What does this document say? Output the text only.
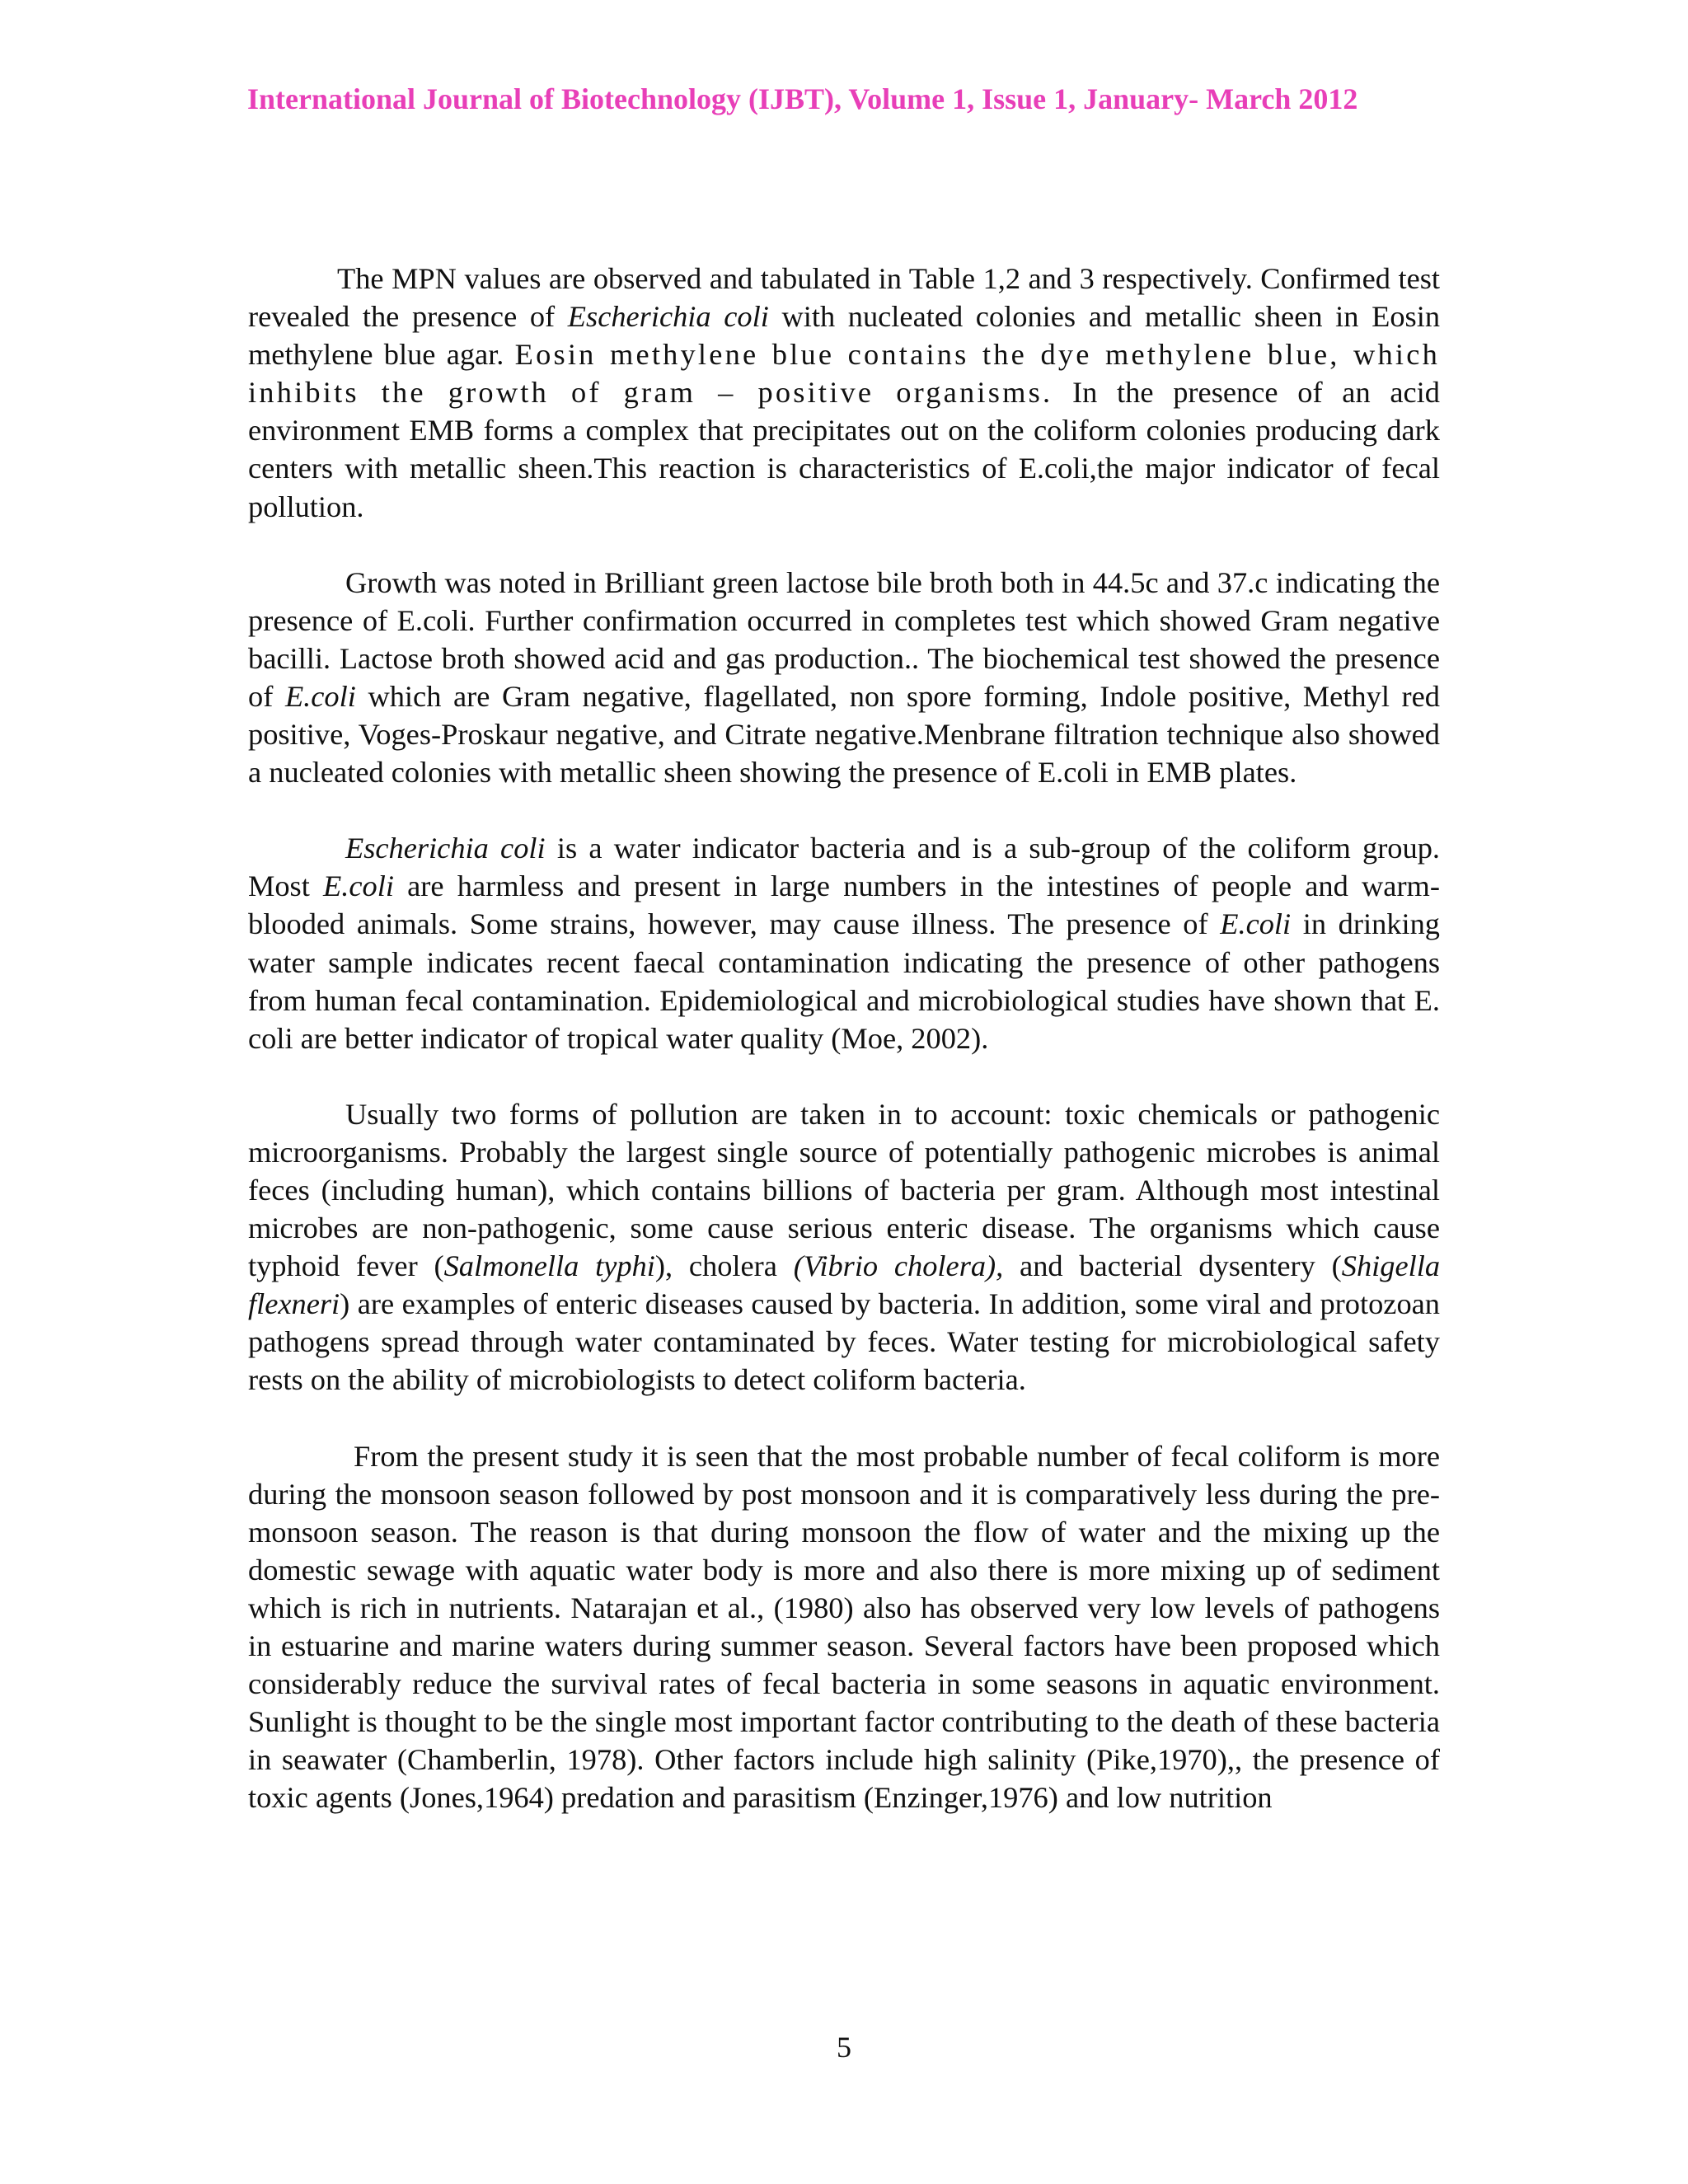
International Journal of Biotechnology (IJBT), Volume 1, Issue 1, January- March 2012

The MPN values are observed and tabulated in Table 1,2 and 3 respectively. Confirmed test revealed the presence of Escherichia coli with nucleated colonies and metallic sheen in Eosin methylene blue agar. Eosin methylene blue contains the dye methylene blue, which inhibits the growth of gram – positive organisms. In the presence of an acid environment EMB forms a complex that precipitates out on the coliform colonies producing dark centers with metallic sheen.This reaction is characteristics of E.coli,the major indicator of fecal pollution.

Growth was noted in Brilliant green lactose bile broth both in 44.5c and 37.c indicating the presence of E.coli. Further confirmation occurred in completes test which showed Gram negative bacilli. Lactose broth showed acid and gas production.. The biochemical test showed the presence of E.coli which are Gram negative, flagellated, non spore forming, Indole positive, Methyl red positive, Voges-Proskaur negative, and Citrate negative.Menbrane filtration technique also showed a nucleated colonies with metallic sheen showing the presence of E.coli in EMB plates.

Escherichia coli is a water indicator bacteria and is a sub-group of the coliform group. Most E.coli are harmless and present in large numbers in the intestines of people and warm-blooded animals. Some strains, however, may cause illness. The presence of E.coli in drinking water sample indicates recent faecal contamination indicating the presence of other pathogens from human fecal contamination. Epidemiological and microbiological studies have shown that E. coli are better indicator of tropical water quality (Moe, 2002).

Usually two forms of pollution are taken in to account: toxic chemicals or pathogenic microorganisms. Probably the largest single source of potentially pathogenic microbes is animal feces (including human), which contains billions of bacteria per gram. Although most intestinal microbes are non-pathogenic, some cause serious enteric disease. The organisms which cause typhoid fever (Salmonella typhi), cholera (Vibrio cholera), and bacterial dysentery (Shigella flexneri) are examples of enteric diseases caused by bacteria. In addition, some viral and protozoan pathogens spread through water contaminated by feces. Water testing for microbiological safety rests on the ability of microbiologists to detect coliform bacteria.

From the present study it is seen that the most probable number of fecal coliform is more during the monsoon season followed by post monsoon and it is comparatively less during the pre-monsoon season. The reason is that during monsoon the flow of water and the mixing up the domestic sewage with aquatic water body is more and also there is more mixing up of sediment which is rich in nutrients. Natarajan et al., (1980) also has observed very low levels of pathogens in estuarine and marine waters during summer season. Several factors have been proposed which considerably reduce the survival rates of fecal bacteria in some seasons in aquatic environment. Sunlight is thought to be the single most important factor contributing to the death of these bacteria in seawater (Chamberlin, 1978). Other factors include high salinity (Pike,1970),, the presence of toxic agents (Jones,1964) predation and parasitism (Enzinger,1976) and low nutrition

5
